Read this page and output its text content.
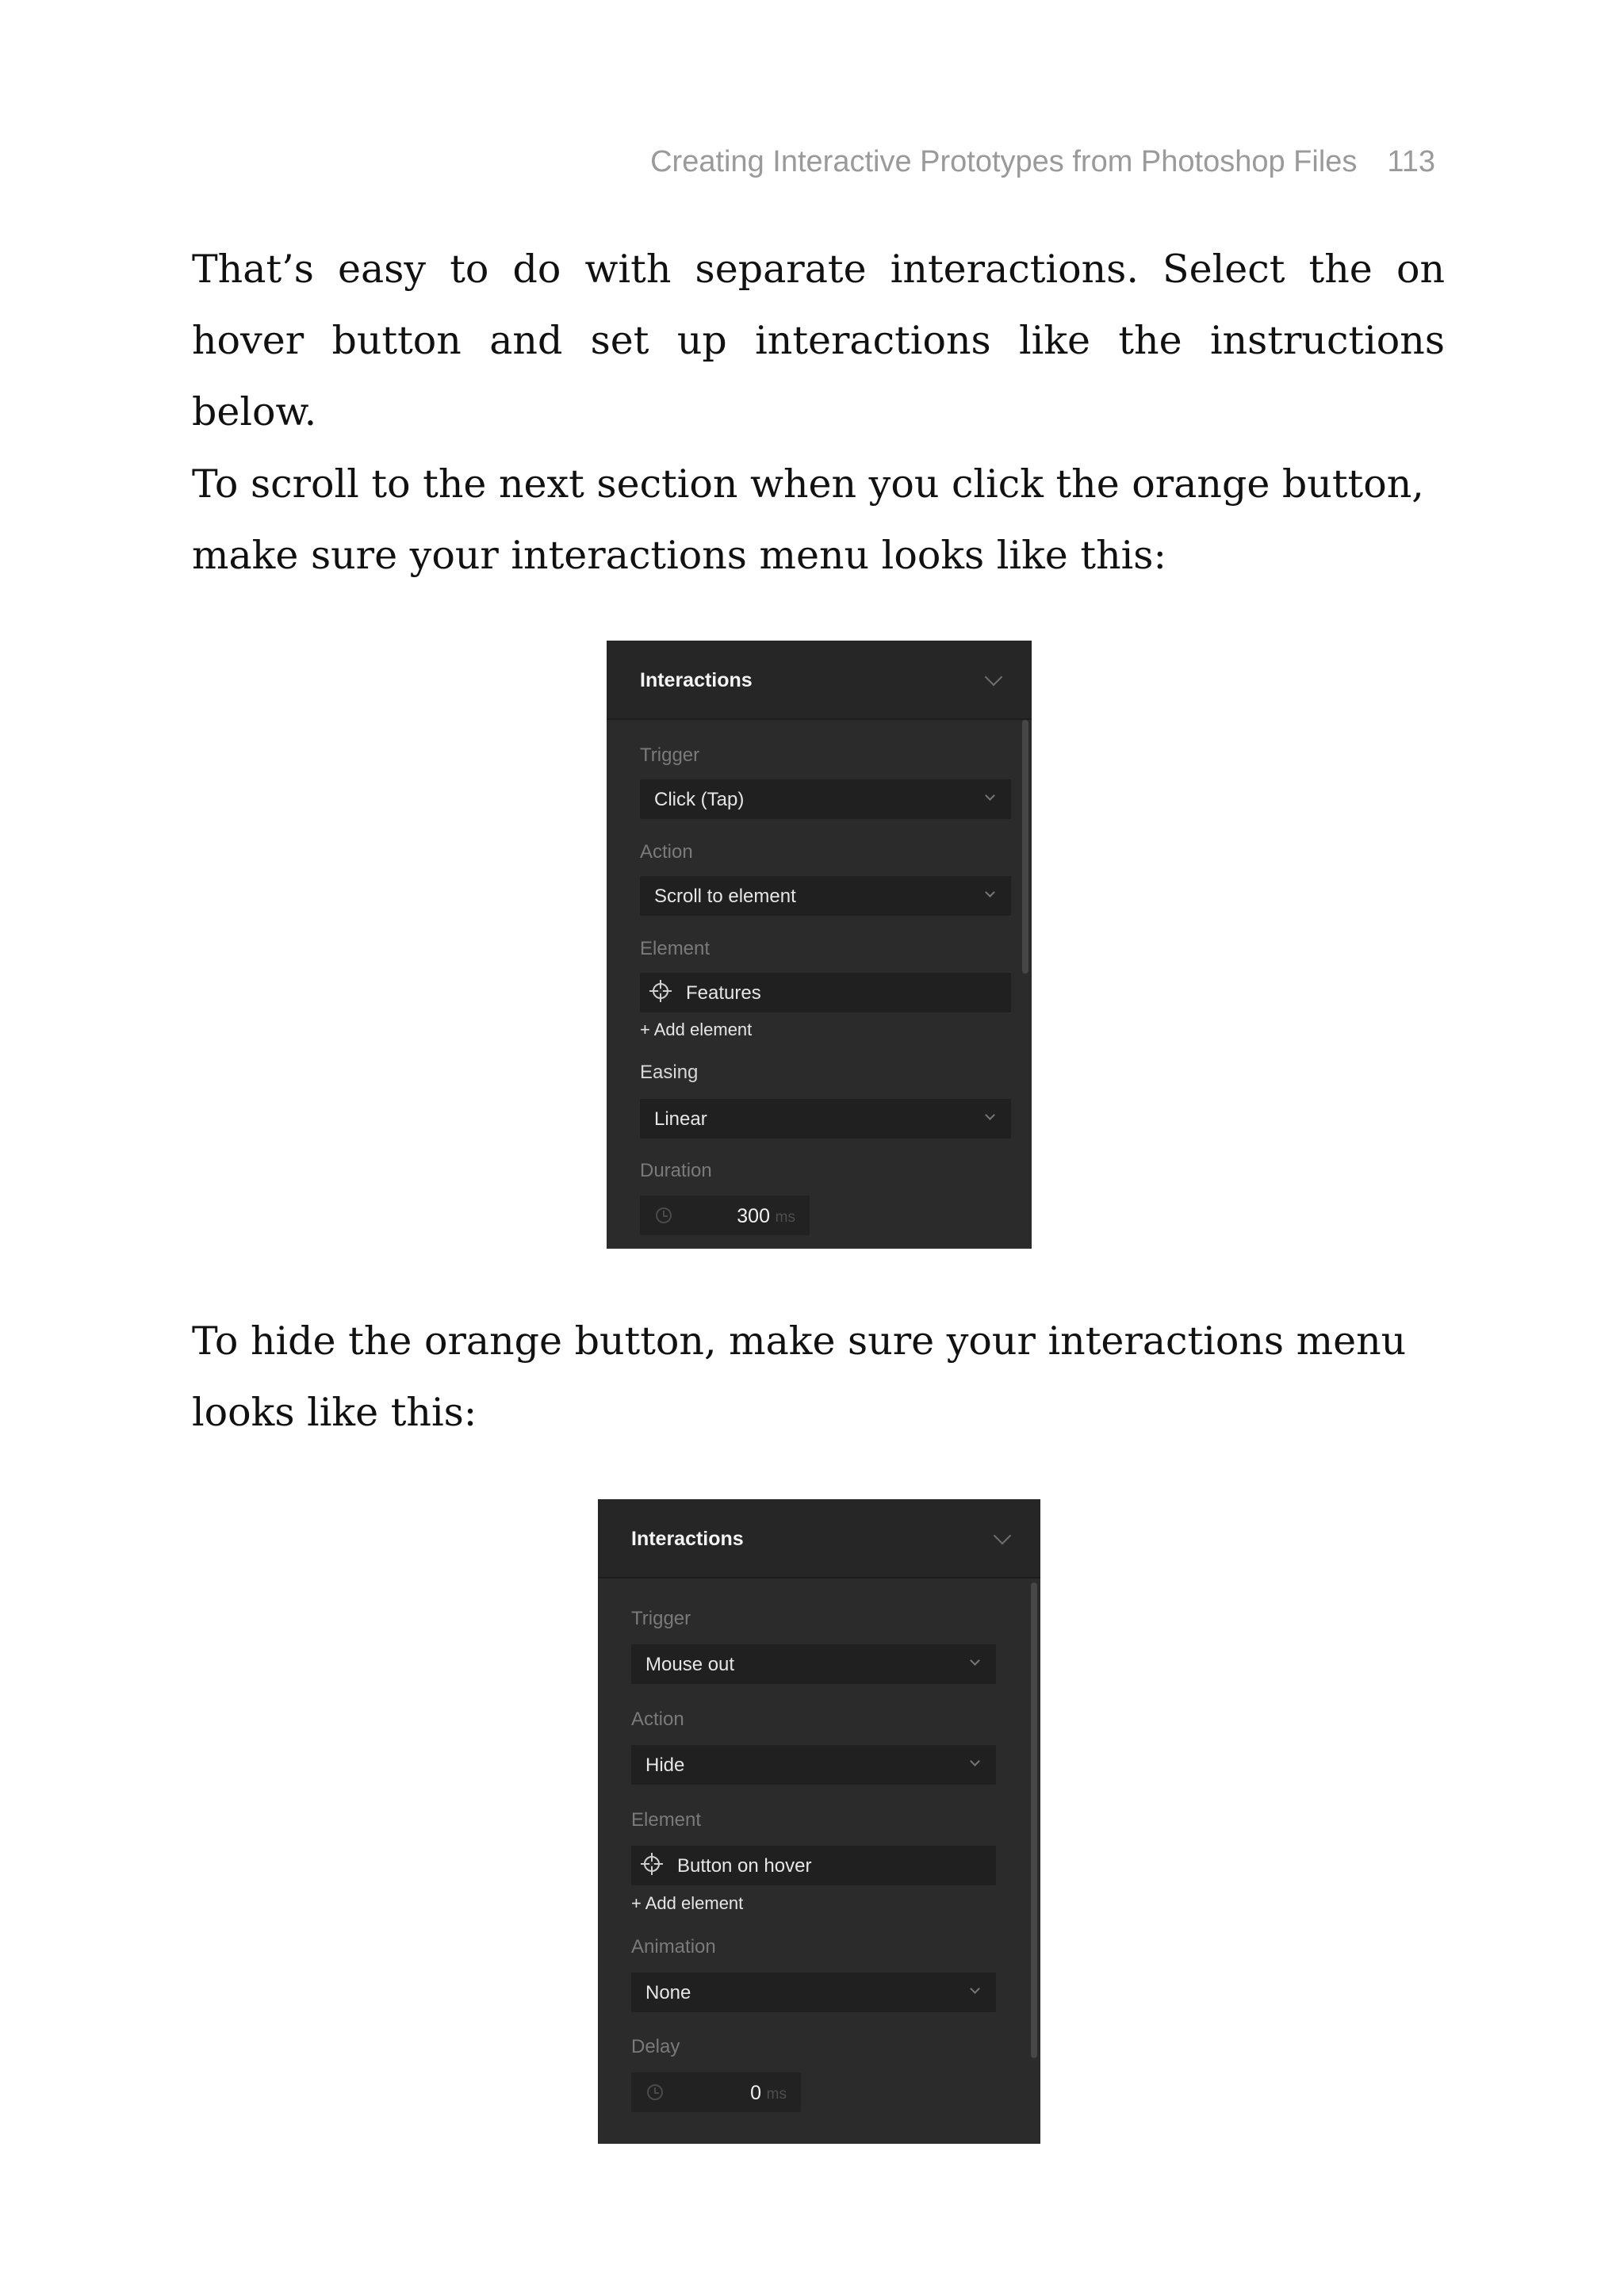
Creating Interactive Prototypes from Photoshop Files 113

That’s easy to do with separate interactions. Select the on hover button and set up interactions like the instructions below.

To scroll to the next section when you click the orange button, make sure your interactions menu looks like this:

Interactions
Trigger
Click (Tap)
Action
Scroll to element
Element
Features
+ Add element
Easing
Linear
Duration
300 ms

To hide the orange button, make sure your interactions menu looks like this:

Interactions
Trigger
Mouse out
Action
Hide
Element
Button on hover
+ Add element
Animation
None
Delay
0 ms
